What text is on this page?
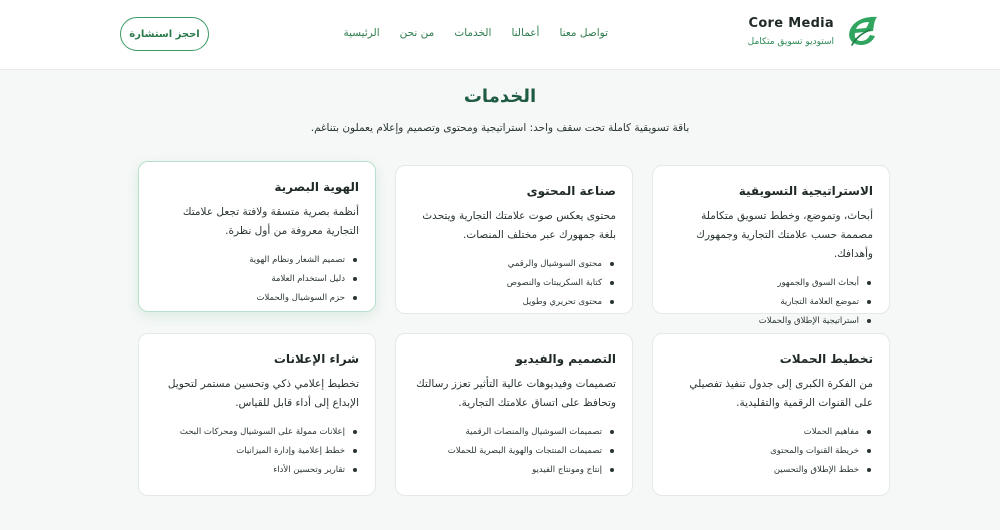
Core Media
استوديو تسويق متكامل
الرئيسية من نحن الخدمات أعمالنا تواصل معنا
احجز استشارة
الخدمات

باقة تسويقية كاملة تحت سقف واحد: استراتيجية ومحتوى وتصميم وإعلام يعملون بتناغم.

الاستراتيجية التسويقية

أبحاث، وتموضع، وخطط تسويق متكاملة مصممة حسب علامتك التجارية وجمهورك وأهدافك.

أبحاث السوق والجمهور
تموضع العلامة التجارية
استراتيجية الإطلاق والحملات
صناعة المحتوى

محتوى يعكس صوت علامتك التجارية ويتحدث بلغة جمهورك عبر مختلف المنصات.

محتوى السوشيال والرقمي
كتابة السكريبتات والنصوص
محتوى تحريري وطويل
الهوية البصرية

أنظمة بصرية متسقة ولافتة تجعل علامتك التجارية معروفة من أول نظرة.

تصميم الشعار ونظام الهوية
دليل استخدام العلامة
حزم السوشيال والحملات
تخطيط الحملات

من الفكرة الكبرى إلى جدول تنفيذ تفصيلي على القنوات الرقمية والتقليدية.

مفاهيم الحملات
خريطة القنوات والمحتوى
خطط الإطلاق والتحسين
التصميم والفيديو

تصميمات وفيديوهات عالية التأثير تعزز رسالتك وتحافظ على اتساق علامتك التجارية.

تصميمات السوشيال والمنصات الرقمية
تصميمات المنتجات والهوية البصرية للحملات
إنتاج ومونتاج الفيديو
شراء الإعلانات

تخطيط إعلامي ذكي وتحسين مستمر لتحويل الإبداع إلى أداء قابل للقياس.

إعلانات ممولة على السوشيال ومحركات البحث
خطط إعلامية وإدارة الميزانيات
تقارير وتحسين الأداء
